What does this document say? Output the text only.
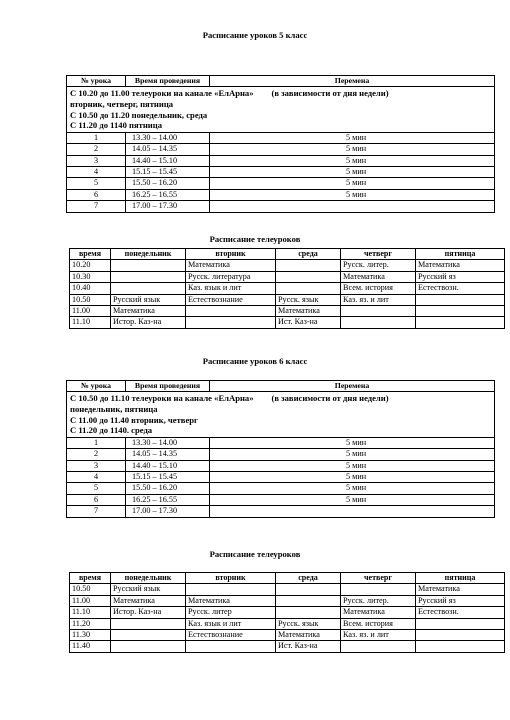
Расписание уроков 5 класс
№ урока	Время проведения	Перемена

С 10.20 до 11.00 телеуроки на канале «ЕлАрна» (в зависимости от дня недели)
вторник, четверг, пятница
С 10.50 до 11.20 понедельник, среда
С 11.20 до 1140 пятница		

1	13.30 – 14.00	5 мин
2	14.05 – 14.35	5 мин
3	14.40 – 15.10	5 мин
4	15.15 – 15.45	5 мин
5	15.50 – 16.20	5 мин
6	16.25 – 16.55	5 мин
7	17.00 – 17.30	
Расписание телеуроков
время	понедельник	вторник	среда	четверг	пятница
10.20		Математика		Русск. литер.	Математика
10.30		Русск. литература		Математика	Русский яз
10.40		Каз. язык и лит		Всем. история	Естествозн.
10.50	Русский язык	Естествознание	Русск. язык	Каз. яз. и лит	
11.00	Математика		Математика		
11.10	Истор. Каз-на		Ист. Каз-на		
Расписание уроков 6 класс
№ урока	Время проведения	Перемена

С 10.50 до 11.10 телеуроки на канале «ЕлАрна» (в зависимости от дня недели)
понедельник, пятница
С 11.00 до 11.40 вторник, четверг
С 11.20 до 1140. среда		

1	13.30 – 14.00	5 мин
2	14.05 – 14.35	5 мин
3	14.40 – 15.10	5 мин
4	15.15 – 15.45	5 мин
5	15.50 – 16.20	5 мин
6	16.25 – 16.55	5 мин
7	17.00 – 17.30	
Расписание телеуроков
время	понедельник	вторник	среда	четверг	пятница
10.50	Русский язык				Математика
11.00	Математика	Математика		Русск. литер.	Русский яз
11.10	Истор. Каз-на	Русск. литер		Математика	Естествозн.
11.20		Каз. язык и лит	Русск. язык	Всем. история	
11.30		Естествознание	Математика	Каз. яз. и лит	
11.40			Ист. Каз-на		
